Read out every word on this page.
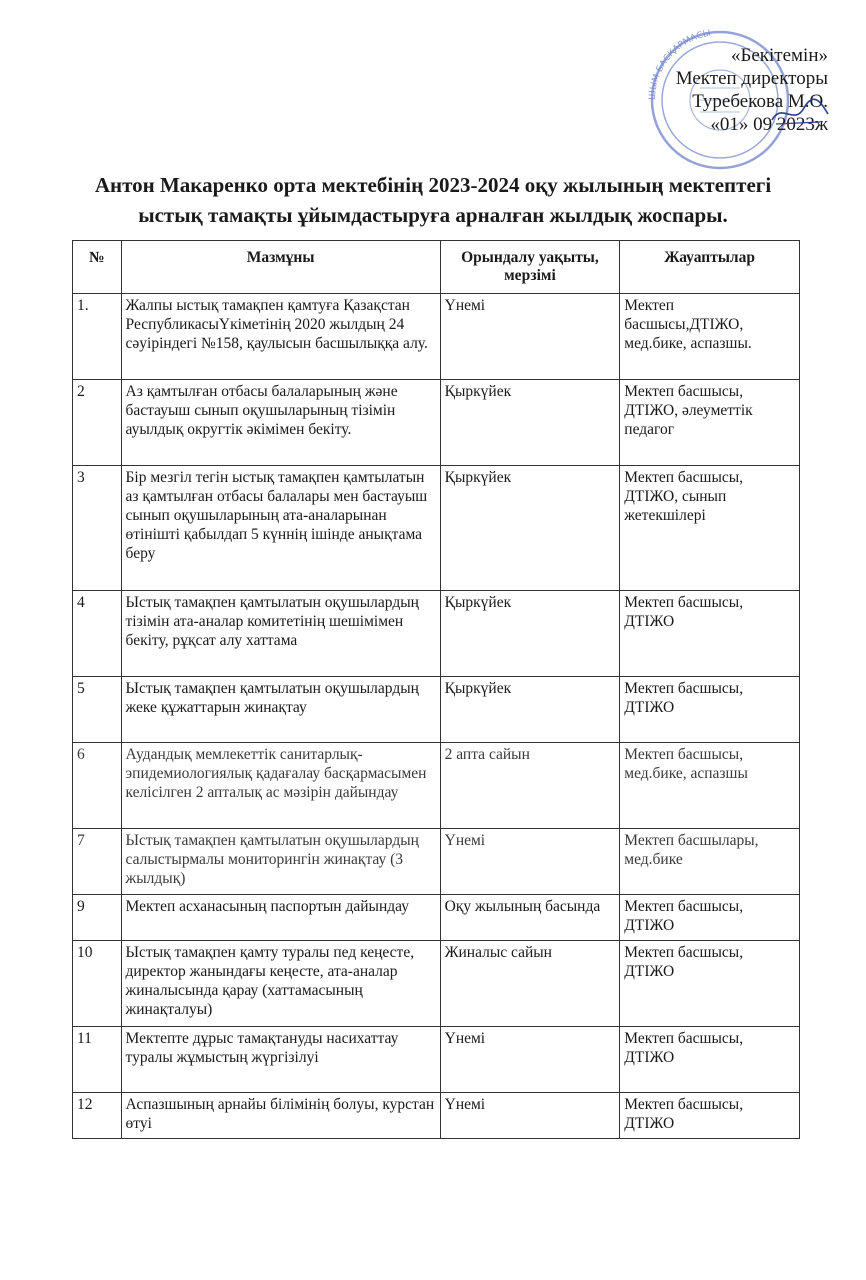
ШЫМ БАСҚАРМАСЫ
«Бекітемін»
Мектеп директоры
Туребекова М.О.
«01» 09 2023ж
Антон Макаренко орта мектебінің 2023-2024 оқу жылының мектептегі
ыстық тамақты ұйымдастыруға арналған жылдық жоспары.
№	Мазмұны	Орындалу уақыты, мерзімі	Жауаптылар
1.	Жалпы ыстық тамақпен қамтуға Қазақстан РеспубликасыҮкіметінің 2020 жылдың 24 сәуіріндегі №158, қаулысын басшылыққа алу.	Үнемі	Мектеп басшысы,ДТІЖО, мед.бике, аспазшы.
2	Аз қамтылған отбасы балаларының және бастауыш сынып оқушыларының тізімін ауылдық округтік әкімімен бекіту.	Қыркүйек	Мектеп басшысы, ДТІЖО, әлеуметтік педагог
3	Бір мезгіл тегін ыстық тамақпен қамтылатын аз қамтылған отбасы балалары мен бастауыш сынып оқушыларының ата-аналарынан өтінішті қабылдап 5 күннің ішінде анықтама беру	Қыркүйек	Мектеп басшысы, ДТІЖО, сынып жетекшілері
4	Ыстық тамақпен қамтылатын оқушылардың тізімін ата-аналар комитетінің шешімімен бекіту, рұқсат алу хаттама	Қыркүйек	Мектеп басшысы, ДТІЖО
5	Ыстық тамақпен қамтылатын оқушылардың жеке құжаттарын жинақтау	Қыркүйек	Мектеп басшысы, ДТІЖО
6	Аудандық мемлекеттік санитарлық-эпидемиологиялық қадағалау басқармасымен келісілген 2 апталық ас мәзірін дайындау	2 апта сайын	Мектеп басшысы, мед.бике, аспазшы
7	Ыстық тамақпен қамтылатын оқушылардың салыстырмалы мониторингін жинақтау (3 жылдық)	Үнемі	Мектеп басшылары, мед.бике
9	Мектеп асханасының паспортын дайындау	Оқу жылының басында	Мектеп басшысы, ДТІЖО
10	Ыстық тамақпен қамту туралы пед кеңесте, директор жанындағы кеңесте, ата-аналар жиналысында қарау (хаттамасының жинақталуы)	Жиналыс сайын	Мектеп басшысы, ДТІЖО
11	Мектепте дұрыс тамақтануды насихаттау туралы жұмыстың жүргізілуі	Үнемі	Мектеп басшысы, ДТІЖО
12	Аспазшының арнайы білімінің болуы, курстан өтуі	Үнемі	Мектеп басшысы, ДТІЖО
